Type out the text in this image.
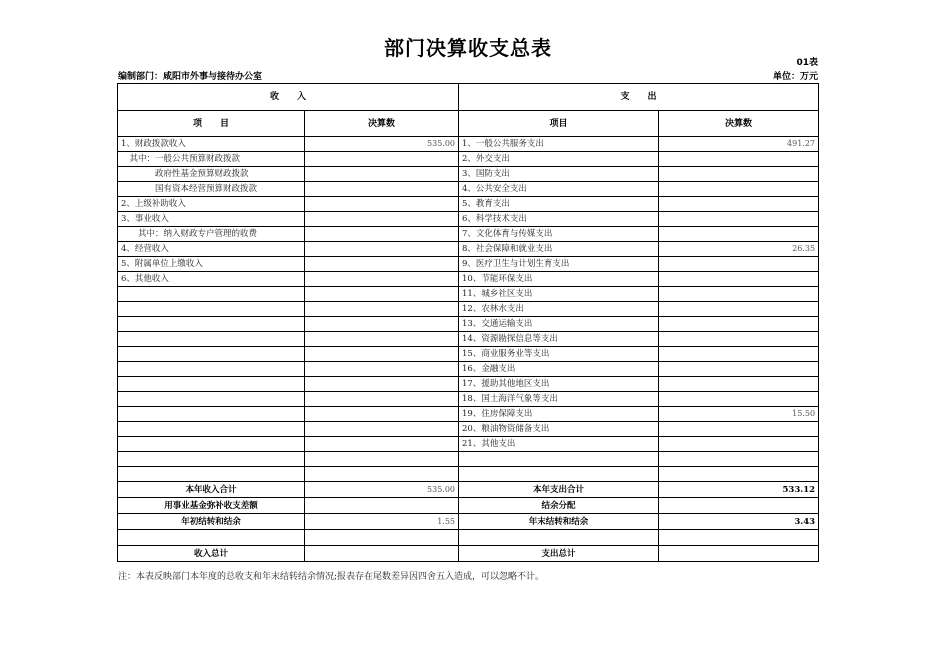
部门决算收支总表
01表
编制部门：咸阳市外事与接待办公室	单位：万元
收　　入		支　　出	
项　　目	决算数	项目	决算数
1、财政拨款收入	535.00	1、一般公共服务支出	491.27
　其中：一般公共预算财政拨款		2、外交支出	
　　　　政府性基金预算财政拨款		3、国防支出	
　　　　国有资本经营预算财政拨款		4、公共安全支出	
2、上级补助收入		5、教育支出	
3、事业收入		6、科学技术支出	
　　其中：纳入财政专户管理的收费		7、文化体育与传媒支出	
4、经营收入		8、社会保障和就业支出	26.35
5、附属单位上缴收入		9、医疗卫生与计划生育支出	
6、其他收入		10、节能环保支出	
		11、城乡社区支出	
		12、农林水支出	
		13、交通运输支出	
		14、资源勘探信息等支出	
		15、商业服务业等支出	
		16、金融支出	
		17、援助其他地区支出	
		18、国土海洋气象等支出	
		19、住房保障支出	15.50
		20、粮油物资储备支出	
		21、其他支出	

本年收入合计	535.00	本年支出合计	533.12
用事业基金弥补收支差额		结余分配	
年初结转和结余	1.55	年末结转和结余	3.43

收入总计		支出总计	
注：本表反映部门本年度的总收支和年末结转结余情况;报表存在尾数差异因四舍五入造成，可以忽略不计。
